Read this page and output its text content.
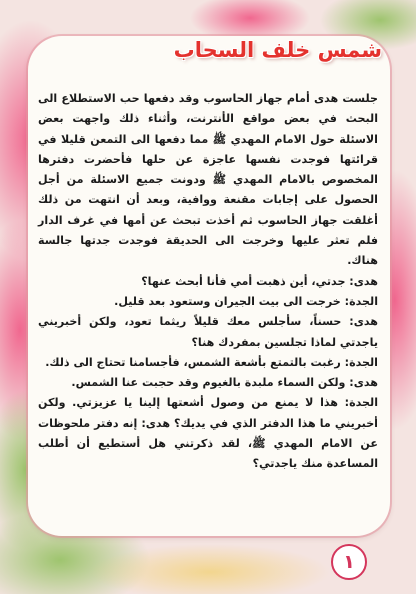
شمس خلف السحاب

جلست هدى أمام جهاز الحاسوب وقد دفعها حب الاستطلاع الى البحث في بعض مواقع الأنترنت، وأثناء ذلك واجهت بعض الاسئلة حول الامام المهدي ﷺ مما دفعها الى التمعن قليلا في قرائتها فوجدت نفسها عاجزة عن حلها فأحضرت دفترها المخصوص بالامام المهدي ﷺ ودونت جميع الاسئلة من أجل الحصول على إجابات مقنعة ووافية، وبعد أن انتهت من ذلك أغلقت جهاز الحاسوب ثم أخذت تبحث عن أمها في غرف الدار فلم تعثر عليها وخرجت الى الحديقة فوجدت جدتها جالسة هناك.

هدى: جدتي، أين ذهبت أمي فأنا أبحث عنها؟

الجدة: خرجت الى بيت الجيران وستعود بعد قليل.

هدى: حسناً، سأجلس معك قليلاً ريثما تعود، ولكن أخبريني ياجدتي لماذا تجلسين بمفردك هنا؟

الجدة: رغبت بالتمتع بأشعة الشمس، فأجسامنا تحتاج الى ذلك.

هدى: ولكن السماء ملبدة بالغيوم وقد حجبت عنا الشمس.

الجدة: هذا لا يمنع من وصول أشعتها إلينا يا عزيزتي. ولكن أخبريني ما هذا الدفتر الذي في يديك؟ هدى: إنه دفتر ملحوظات عن الامام المهدي ﷺ، لقد ذكرتني هل أستطيع أن أطلب المساعدة منك ياجدتي؟

١
